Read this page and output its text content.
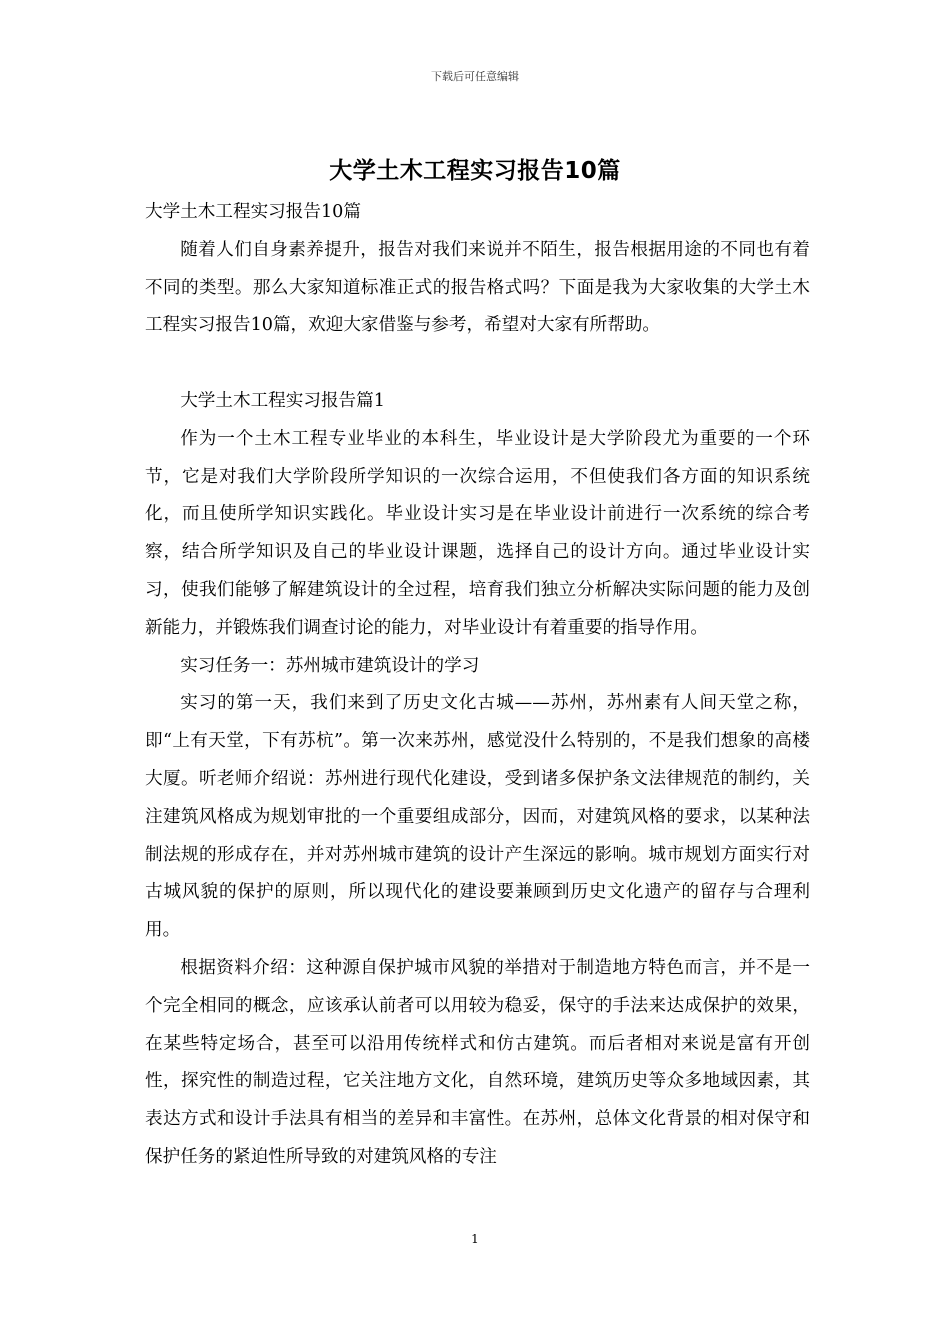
下载后可任意编辑
大学土木工程实习报告10篇

大学土木工程实习报告10篇

随着人们自身素养提升，报告对我们来说并不陌生，报告根据用途的不同也有着不同的类型。那么大家知道标准正式的报告格式吗？下面是我为大家收集的大学土木工程实习报告10篇，欢迎大家借鉴与参考，希望对大家有所帮助。

大学土木工程实习报告篇1

作为一个土木工程专业毕业的本科生，毕业设计是大学阶段尤为重要的一个环节，它是对我们大学阶段所学知识的一次综合运用，不但使我们各方面的知识系统化，而且使所学知识实践化。毕业设计实习是在毕业设计前进行一次系统的综合考察，结合所学知识及自己的毕业设计课题，选择自己的设计方向。通过毕业设计实习，使我们能够了解建筑设计的全过程，培育我们独立分析解决实际问题的能力及创新能力，并锻炼我们调查讨论的能力，对毕业设计有着重要的指导作用。

实习任务一：苏州城市建筑设计的学习

实习的第一天，我们来到了历史文化古城——苏州，苏州素有人间天堂之称，即“上有天堂，下有苏杭”。第一次来苏州，感觉没什么特别的，不是我们想象的高楼大厦。听老师介绍说：苏州进行现代化建设，受到诸多保护条文法律规范的制约，关注建筑风格成为规划审批的一个重要组成部分，因而，对建筑风格的要求，以某种法制法规的形成存在，并对苏州城市建筑的设计产生深远的影响。城市规划方面实行对古城风貌的保护的原则，所以现代化的建设要兼顾到历史文化遗产的留存与合理利用。

根据资料介绍：这种源自保护城市风貌的举措对于制造地方特色而言，并不是一个完全相同的概念，应该承认前者可以用较为稳妥，保守的手法来达成保护的效果，在某些特定场合，甚至可以沿用传统样式和仿古建筑。而后者相对来说是富有开创性，探究性的制造过程，它关注地方文化，自然环境，建筑历史等众多地域因素，其表达方式和设计手法具有相当的差异和丰富性。在苏州，总体文化背景的相对保守和保护任务的紧迫性所导致的对建筑风格的专注

1
